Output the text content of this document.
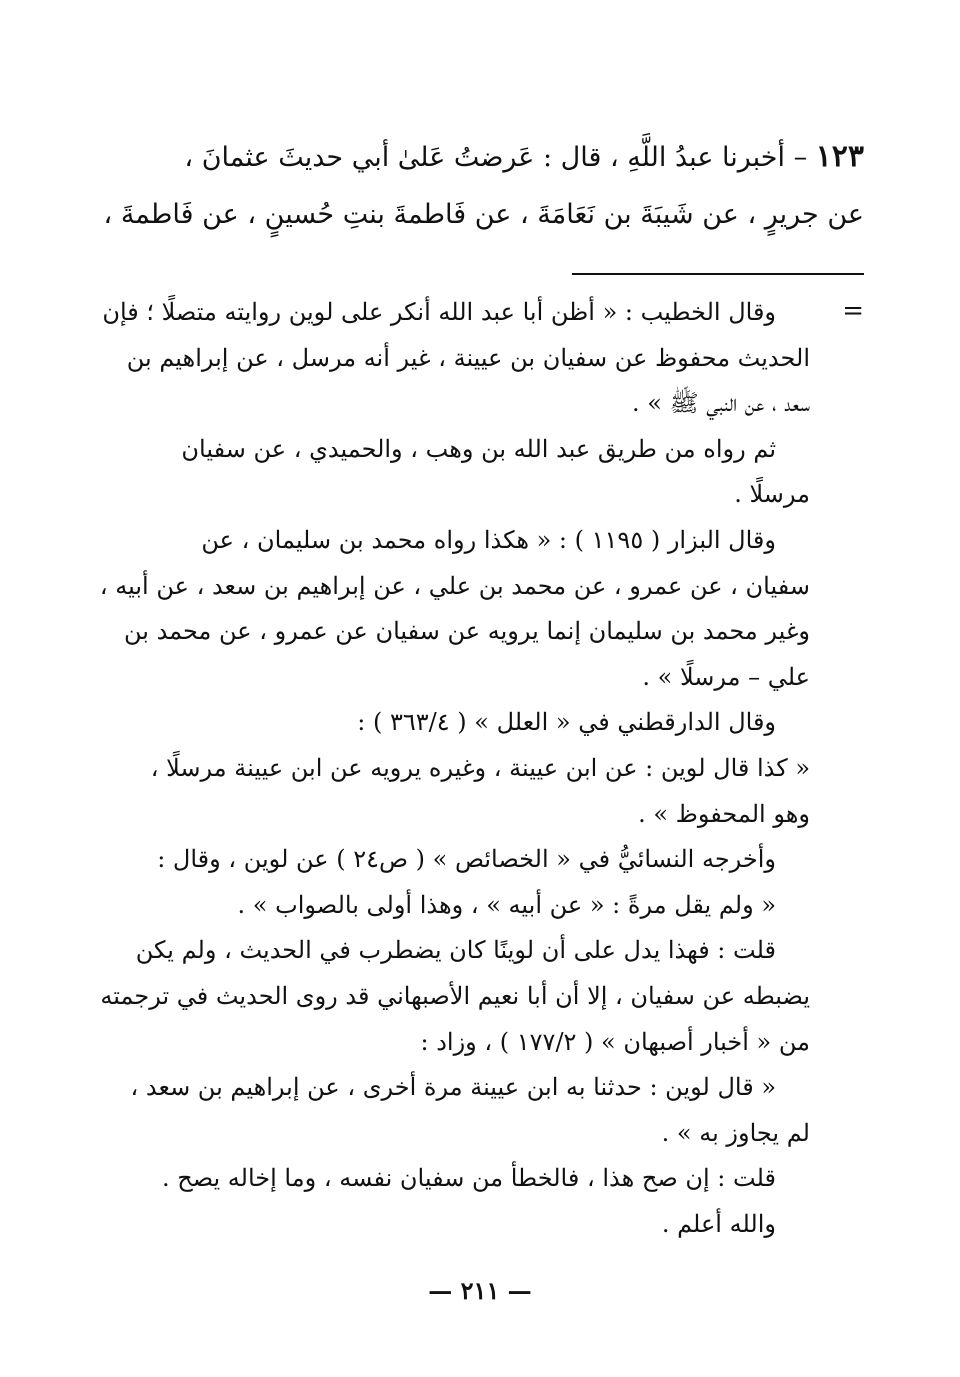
١٢٣ – أخبرنا عبدُ اللَّهِ ، قال : عَرضتُ عَلىٰ أبي حديثَ عثمانَ ،
عن جريرٍ ، عن شَيبَةَ بن نَعَامَةَ ، عن فَاطمةَ بنتِ حُسينٍ ، عن فَاطمةَ ،
=
وقال الخطيب : « أظن أبا عبد الله أنكر على لوين روايته متصلًا ؛ فإن
الحديث محفوظ عن سفيان بن عيينة ، غير أنه مرسل ، عن إبراهيم بن
سعد ، عن النبي ﷺ » .
ثم رواه من طريق عبد الله بن وهب ، والحميدي ، عن سفيان
مرسلًا .
وقال البزار ( ١١٩٥ ) : « هكذا رواه محمد بن سليمان ، عن
سفيان ، عن عمرو ، عن محمد بن علي ، عن إبراهيم بن سعد ، عن أبيه ،
وغير محمد بن سليمان إنما يرويه عن سفيان عن عمرو ، عن محمد بن
علي – مرسلًا » .
وقال الدارقطني في « العلل » ( ٣٦٣/٤ ) :
« كذا قال لوين : عن ابن عيينة ، وغيره يرويه عن ابن عيينة مرسلًا ،
وهو المحفوظ » .
وأخرجه النسائيُّ في « الخصائص » ( ص٢٤ ) عن لوين ، وقال :
« ولم يقل مرةً : « عن أبيه » ، وهذا أولى بالصواب » .
قلت : فهذا يدل على أن لوينًا كان يضطرب في الحديث ، ولم يكن
يضبطه عن سفيان ، إلا أن أبا نعيم الأصبهاني قد روى الحديث في ترجمته
من « أخبار أصبهان » ( ١٧٧/٢ ) ، وزاد :
« قال لوين : حدثنا به ابن عيينة مرة أخرى ، عن إبراهيم بن سعد ،
لم يجاوز به » .
قلت : إن صح هذا ، فالخطأ من سفيان نفسه ، وما إخاله يصح .
والله أعلم .
— ٢١١ —
